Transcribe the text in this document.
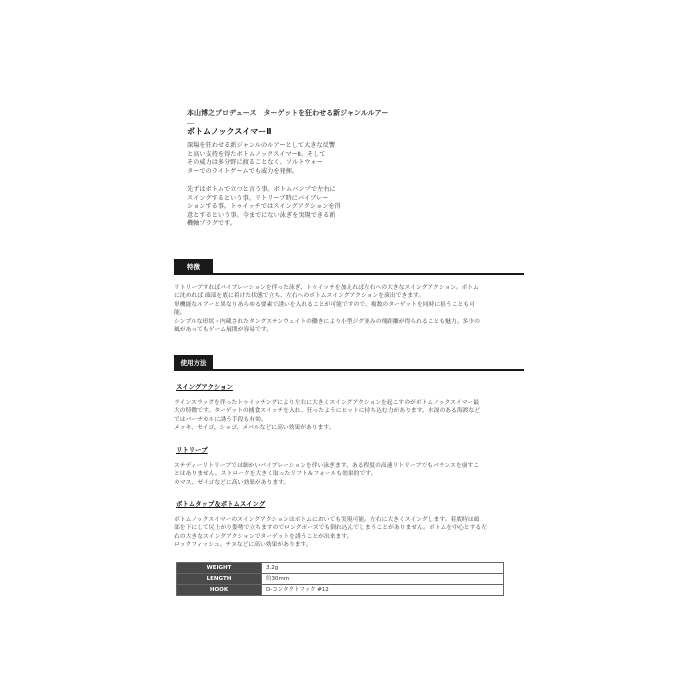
本山博之プロデュース　ターゲットを狂わせる新ジャンルルアー
―
ボトムノックスイマーⅡ

深場を狂わせる新ジャンルのルアーとして大きな反響

と高い支持を得たボトムノックスイマーⅡ。そして

その威力は多分野に渡ることなく、ソルトウォー

ターでのライトゲームでも威力を発揮。

先ずはボトムで立つと言う事。ボトムバンプで左右に

スイングするという事。リトリーブ時にバイブレー

ションする事。トゥイッチではスイングアクションを得

意とするという事。今までにない泳ぎを実現できる新

機軸プラグです。

特徴

リトリーブすればバイブレーションを伴った泳ぎ、トゥイッチを加えれば左右への大きなスイングアクション。ボトム

に沈めれば 頭部を底に着けた状態で立ち、左右へのボトムスイングアクションを演出できます。

単機能なルアーと異なりあらゆる要素で誘いを入れることが可能ですので、複数のターゲットを同時に狙うことも可

能。

シンプルな形状・内蔵されたタングステンウェイトの働きにより小型ジグ並みの飛距離が得られることも魅力。多少の

風があってもゲーム展開が容易です。

使用方法
スイングアクション

ラインスラッグを伴ったトゥイッチングにより左右に大きくスイングアクションを起こすのがボトムノックスイマー最

大の特徴です。ターゲットの捕食スイッチを入れ、狂ったようにヒットに持ち込む力があります。水深のある海渡など

ではバーチカルに誘う手段も有効。

メッキ、セイゴ、ショゴ、メバルなどに高い効果があります。

リトリーブ

ステディーリトリーブでは細かいバイブレーションを伴い泳ぎます。ある程度の高速リトリーブでもバランスを崩すこ

とはありません。ストロークを大きく取ったリフト＆フォールも効果的です。

カマス、ゼイゴなどに高い効果があります。

ボトムタップ＆ボトムスイング

ボトムノックスイマーのスイングアクションはボトムにおいても実現可能。左右に大きくスイングします。着底時は頭

部を下にして尻上がり姿勢で立ちますのでロングポーズでも倒れ込んでしまうことがありません。ボトムを中心とする左

右の大きなスイングアクションでターゲットを誘うことが出来ます。

ロックフィッシュ、チヌなどに高い効果があります。

WEIGHT	3.2g
LENGTH	約30mm
HOOK	D-コンタクトフック #12
